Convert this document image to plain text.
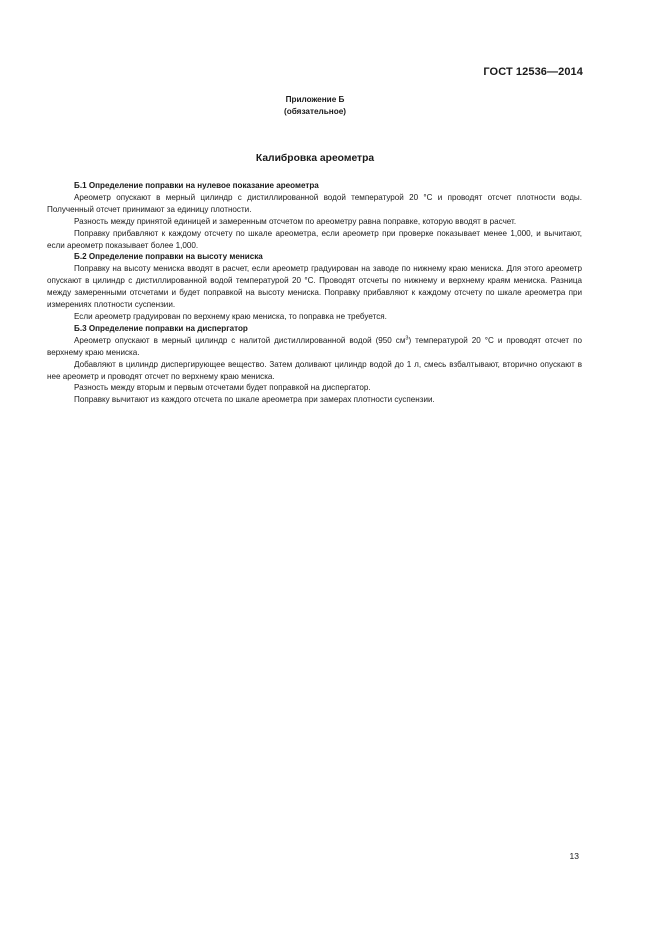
ГОСТ 12536—2014
Приложение Б
(обязательное)
Калибровка ареометра

Б.1 Определение поправки на нулевое показание ареометра

Ареометр опускают в мерный цилиндр с дистиллированной водой температурой 20 °С и проводят отсчет плотности воды. Полученный отсчет принимают за единицу плотности.

Разность между принятой единицей и замеренным отсчетом по ареометру равна поправке, которую вводят в расчет.

Поправку прибавляют к каждому отсчету по шкале ареометра, если ареометр при проверке показывает менее 1,000, и вычитают, если ареометр показывает более 1,000.

Б.2 Определение поправки на высоту мениска

Поправку на высоту мениска вводят в расчет, если ареометр градуирован на заводе по нижнему краю мениска. Для этого ареометр опускают в цилиндр с дистиллированной водой температурой 20 °С. Проводят отсчеты по нижнему и верхнему краям мениска. Разница между замеренными отсчетами и будет поправкой на высоту мениска. Поправку прибавляют к каждому отсчету по шкале ареометра при измерениях плотности суспензии.

Если ареометр градуирован по верхнему краю мениска, то поправка не требуется.

Б.3 Определение поправки на диспергатор

Ареометр опускают в мерный цилиндр с налитой дистиллированной водой (950 $см^3$) температурой 20 °С и проводят отсчет по верхнему краю мениска.

Добавляют в цилиндр диспергирующее вещество. Затем доливают цилиндр водой до 1 л, смесь взбалтывают, вторично опускают в нее ареометр и проводят отсчет по верхнему краю мениска.

Разность между вторым и первым отсчетами будет поправкой на диспергатор.

Поправку вычитают из каждого отсчета по шкале ареометра при замерах плотности суспензии.

13
